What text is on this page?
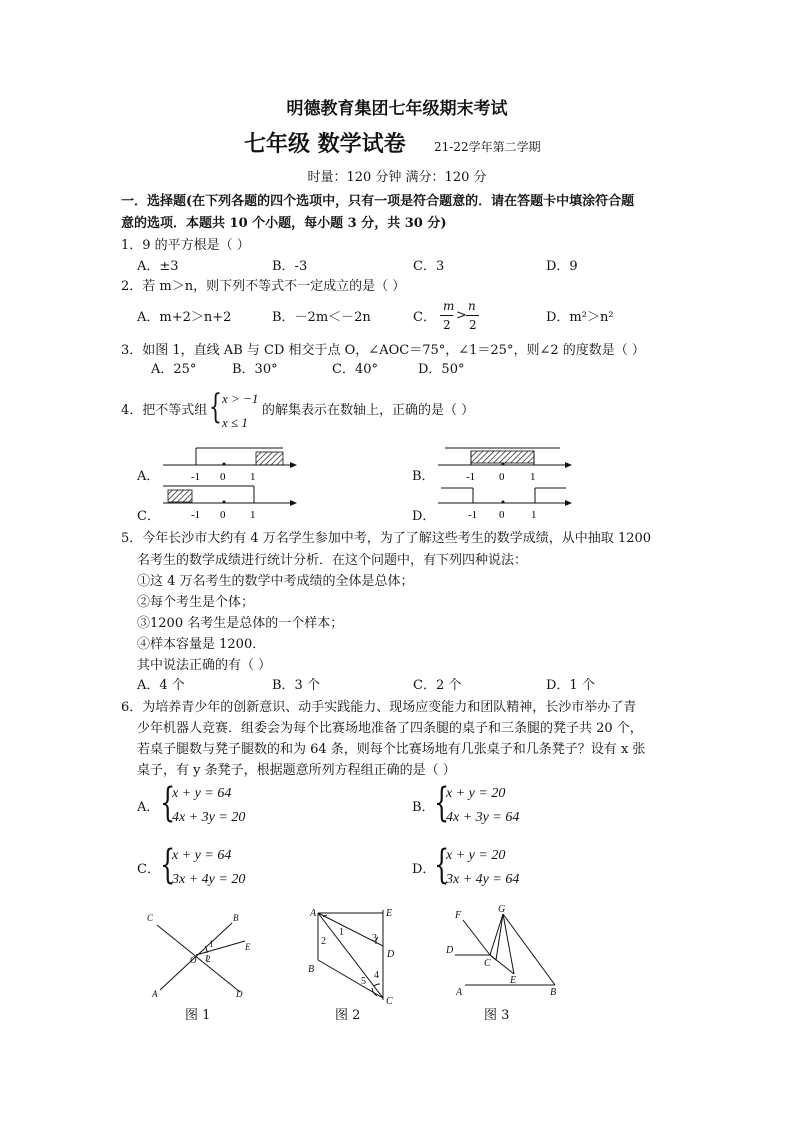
明德教育集团七年级期末考试
七年级 数学试卷 21-22学年第二学期
时量：120 分钟 满分：120 分
一．选择题(在下列各题的四个选项中，只有一项是符合题意的．请在答题卡中填涂符合题
意的选项．本题共 10 个小题，每小题 3 分，共 30 分)
1．9 的平方根是（ ）
A．±3	B．-3	C．3	D．9
2．若 m＞n，则下列不等式不一定成立的是（ ）
A．m+2＞n+2	B．－2m＜－2n	C．
m
2
>
n
2	D．m²＞n²
3．如图 1，直线 AB 与 CD 相交于点 O，∠AOC＝75°，∠1＝25°，则∠2 的度数是（ ）
A．25°	B．30°	C．40°	D．50°
4．把不等式组 { x > −1
x ≤ 1
的解集表示在数轴上，正确的是（ ）
A．	B．
C．	D．
-1 0 1	-1 0 1
-1 0 1	-1 0 1
5．今年长沙市大约有 4 万名学生参加中考，为了了解这些考生的数学成绩，从中抽取 1200
名考生的数学成绩进行统计分析．在这个问题中，有下列四种说法：
①这 4 万名考生的数学中考成绩的全体是总体；
②每个考生是个体；
③1200 名考生是总体的一个样本；
④样本容量是 1200．
其中说法正确的有（ ）
A．4 个	B．3 个	C．2 个	D．1 个
6．为培养青少年的创新意识、动手实践能力、现场应变能力和团队精神，长沙市举办了青
少年机器人竞赛．组委会为每个比赛场地准备了四条腿的桌子和三条腿的凳子共 20 个，
若桌子腿数与凳子腿数的和为 64 条，则每个比赛场地有几张桌子和几条凳子？设有 x 张
桌子，有 y 条凳子，根据题意所列方程组正确的是（ ）
A． {
x + y = 64
4x + 3y = 20
B． {
x + y = 20
4x + 3y = 64
C． {
x + y = 64
3x + 4y = 20
D．
{
x + y = 20
3x + 4y = 64
C	B
E
O
A	D
1
2
A	E
B
D
C
1
2	3
4
5
F
G
D
C
E
A	B
图 1	图 2	图 3
